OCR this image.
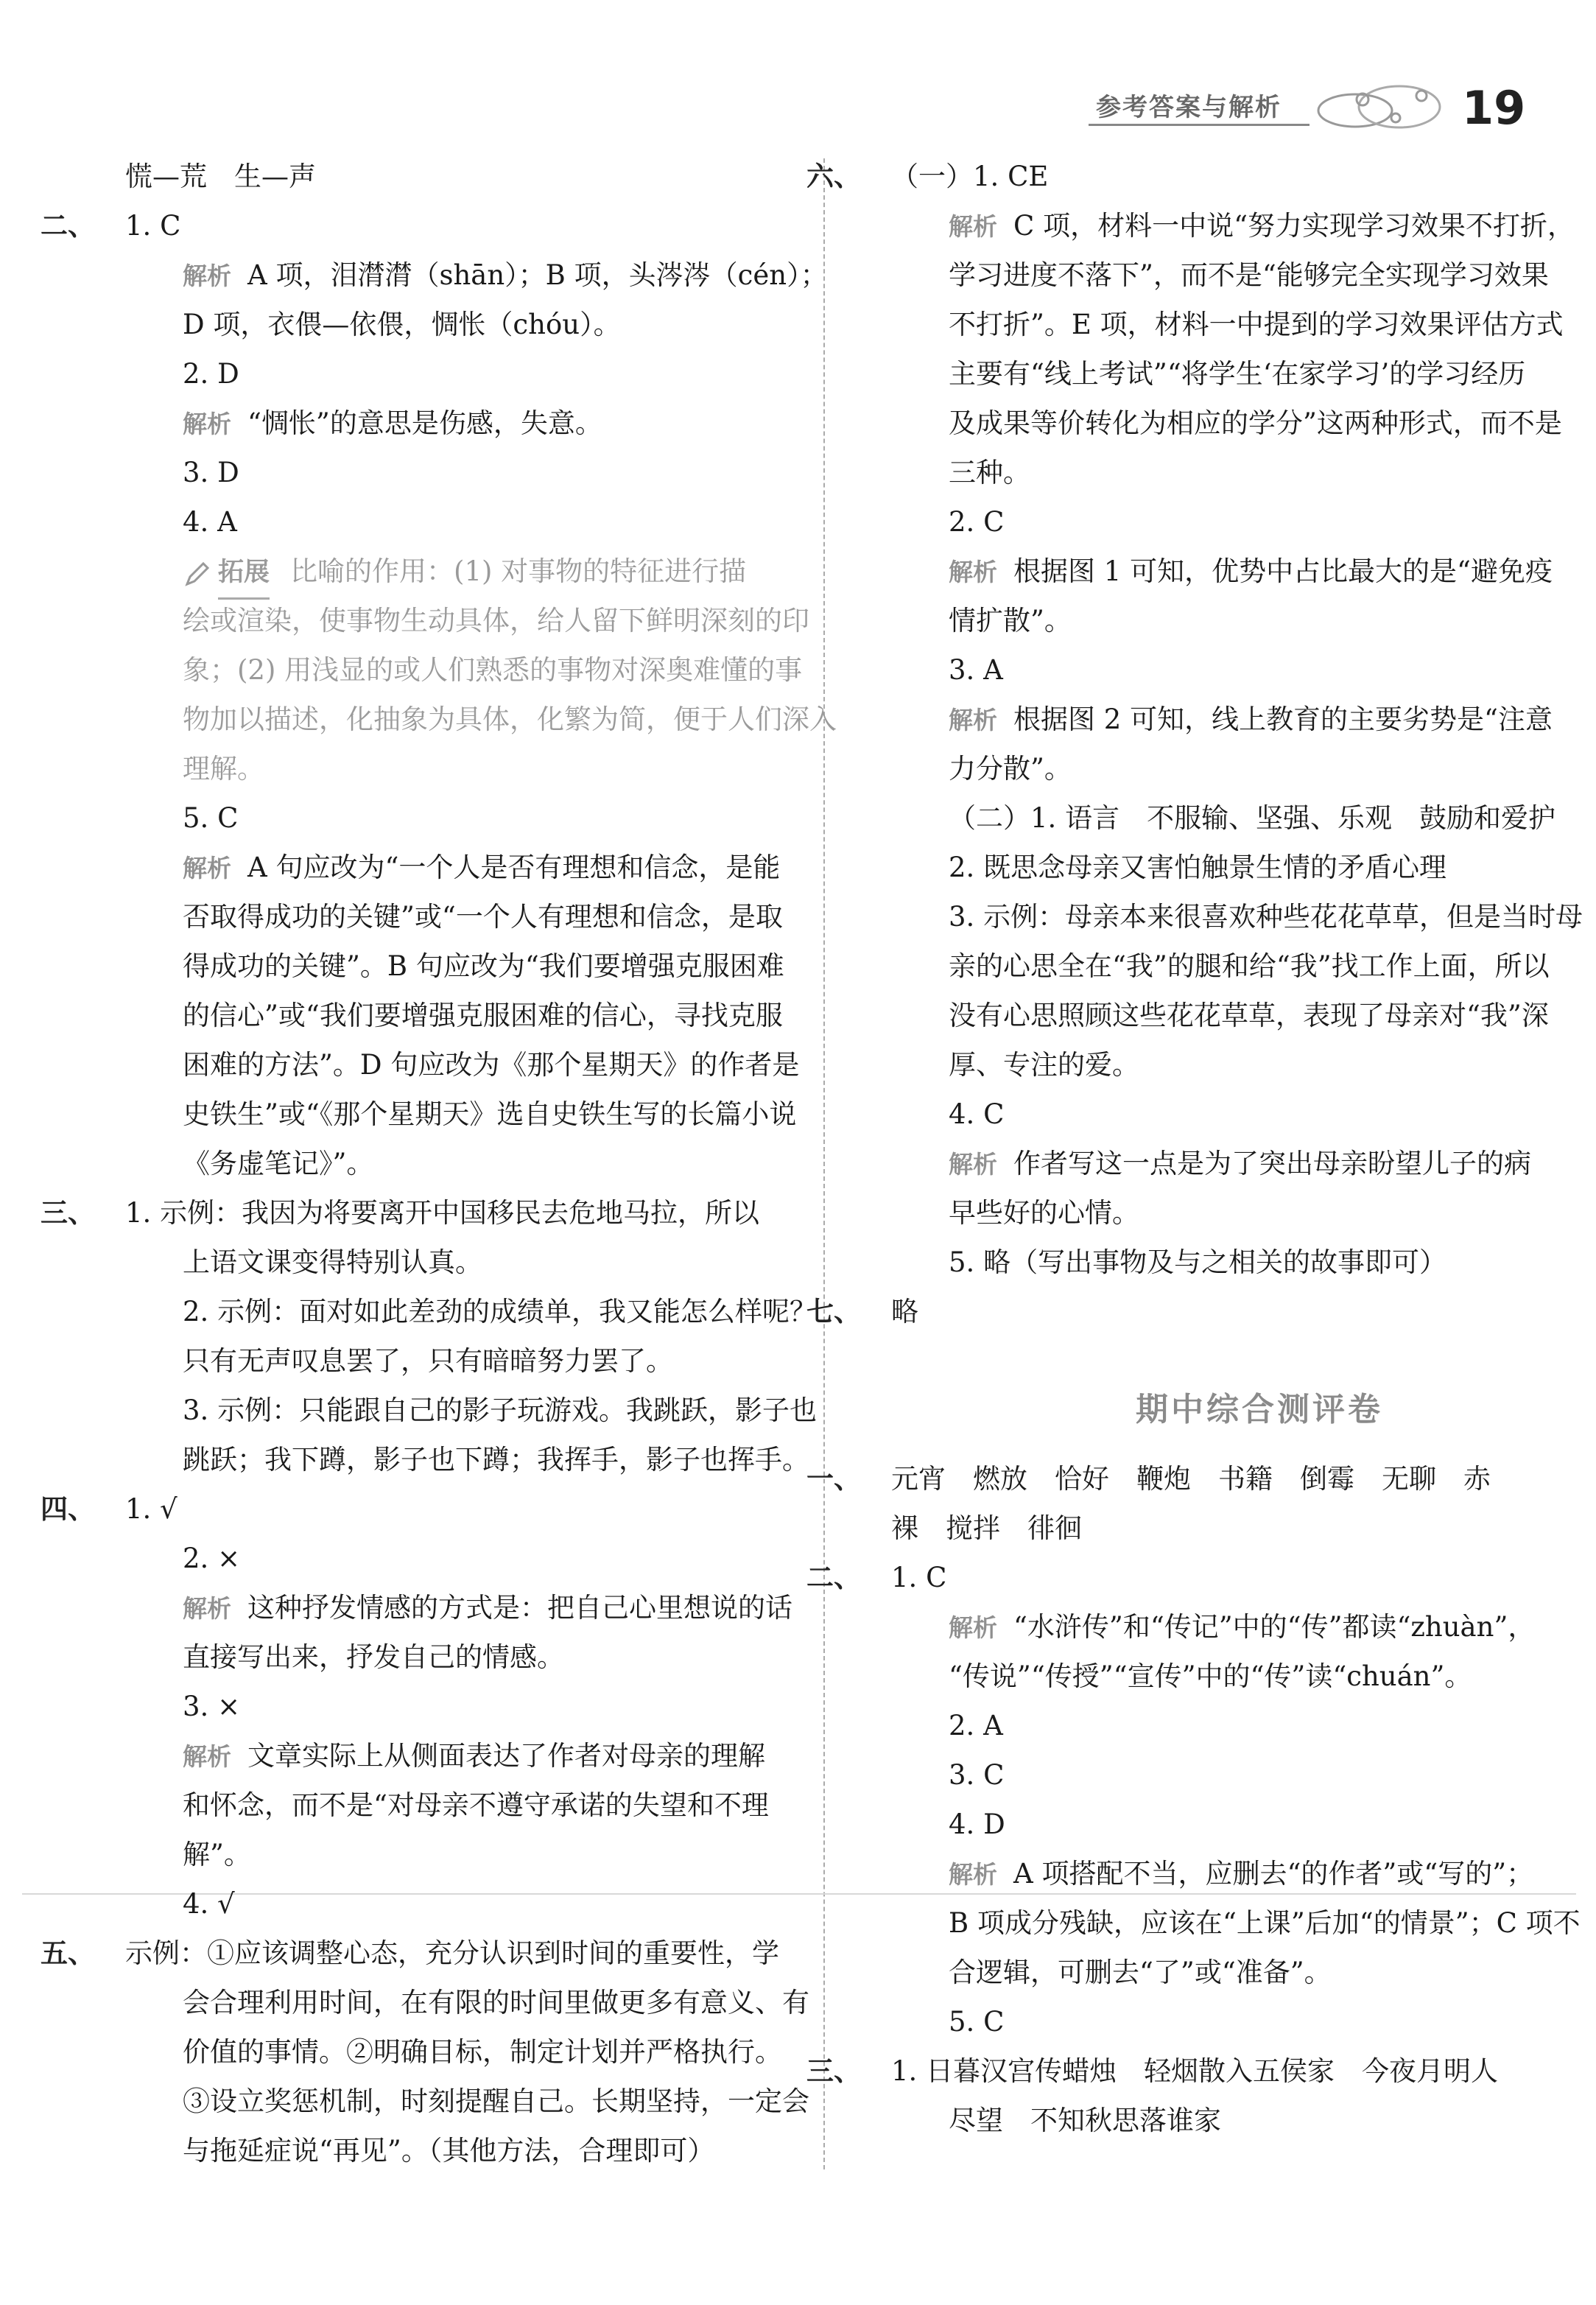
参考答案与解析	19
慌—荒　生—声
二、	1. C
解析 A 项，泪潸潸（shān）；B 项，头涔涔（cén）；
D 项，衣偎—依偎，惆怅（chóu）。
2. D
解析 “惆怅”的意思是伤感，失意。
3. D
4. A
拓展 比喻的作用：(1) 对事物的特征进行描
绘或渲染，使事物生动具体，给人留下鲜明深刻的印
象；(2) 用浅显的或人们熟悉的事物对深奥难懂的事
物加以描述，化抽象为具体，化繁为简，便于人们深入
理解。
5. C
解析 A 句应改为“一个人是否有理想和信念，是能
否取得成功的关键”或“一个人有理想和信念，是取
得成功的关键”。B 句应改为“我们要增强克服困难
的信心”或“我们要增强克服困难的信心，寻找克服
困难的方法”。D 句应改为《那个星期天》的作者是
史铁生”或“《那个星期天》选自史铁生写的长篇小说
《务虚笔记》”。
三、	1. 示例：我因为将要离开中国移民去危地马拉，所以
上语文课变得特别认真。
2. 示例：面对如此差劲的成绩单，我又能怎么样呢？
只有无声叹息罢了，只有暗暗努力罢了。
3. 示例：只能跟自己的影子玩游戏。我跳跃，影子也
跳跃；我下蹲，影子也下蹲；我挥手，影子也挥手。
四、	1. √
2. ×
解析 这种抒发情感的方式是：把自己心里想说的话
直接写出来，抒发自己的情感。
3. ×
解析 文章实际上从侧面表达了作者对母亲的理解
和怀念，而不是“对母亲不遵守承诺的失望和不理
解”。
4. √
五、	示例：①应该调整心态，充分认识到时间的重要性，学
会合理利用时间，在有限的时间里做更多有意义、有
价值的事情。②明确目标，制定计划并严格执行。
③设立奖惩机制，时刻提醒自己。长期坚持，一定会
与拖延症说“再见”。（其他方法，合理即可）
六、	（一）1. CE
解析 C 项，材料一中说“努力实现学习效果不打折，
学习进度不落下”，而不是“能够完全实现学习效果
不打折”。E 项，材料一中提到的学习效果评估方式
主要有“线上考试”“将学生‘在家学习’的学习经历
及成果等价转化为相应的学分”这两种形式，而不是
三种。
2. C
解析 根据图 1 可知，优势中占比最大的是“避免疫
情扩散”。
3. A
解析 根据图 2 可知，线上教育的主要劣势是“注意
力分散”。
（二）1. 语言　不服输、坚强、乐观　鼓励和爱护
2. 既思念母亲又害怕触景生情的矛盾心理
3. 示例：母亲本来很喜欢种些花花草草，但是当时母
亲的心思全在“我”的腿和给“我”找工作上面，所以
没有心思照顾这些花花草草，表现了母亲对“我”深
厚、专注的爱。
4. C
解析 作者写这一点是为了突出母亲盼望儿子的病
早些好的心情。
5. 略（写出事物及与之相关的故事即可）
七、	略
期中综合测评卷
一、	元宵　燃放　恰好　鞭炮　书籍　倒霉　无聊　赤
裸　搅拌　徘徊
二、	1. C
解析 “水浒传”和“传记”中的“传”都读“zhuàn”，
“传说”“传授”“宣传”中的“传”读“chuán”。
2. A
3. C
4. D
解析 A 项搭配不当，应删去“的作者”或“写的”；
B 项成分残缺，应该在“上课”后加“的情景”；C 项不
合逻辑，可删去“了”或“准备”。
5. C
三、	1. 日暮汉宫传蜡烛　轻烟散入五侯家　今夜月明人
尽望　不知秋思落谁家
